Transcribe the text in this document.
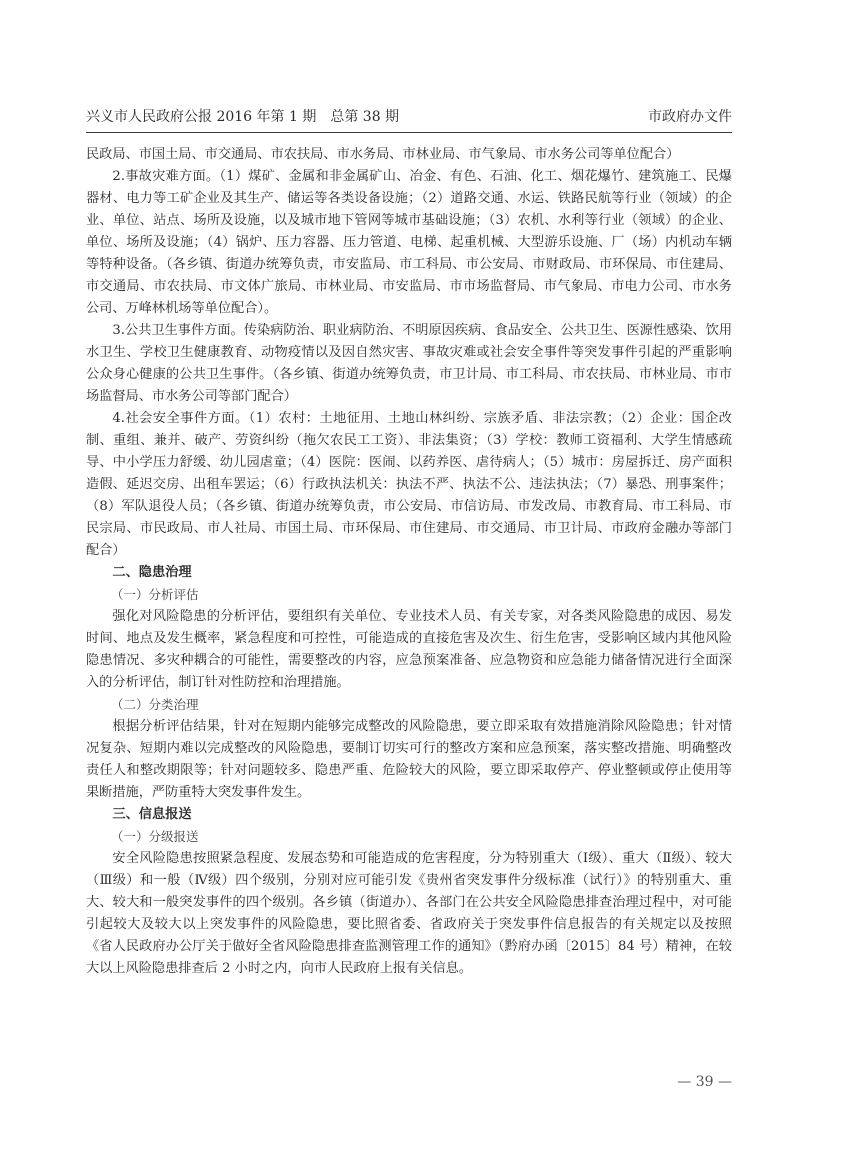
兴义市人民政府公报 2016 年第 1 期　总第 38 期	市政府办文件

民政局、市国土局、市交通局、市农扶局、市水务局、市林业局、市气象局、市水务公司等单位配合）

2.事故灾难方面。（1）煤矿、金属和非金属矿山、冶金、有色、石油、化工、烟花爆竹、建筑施工、民爆器材、电力等工矿企业及其生产、储运等各类设备设施；（2）道路交通、水运、铁路民航等行业（领域）的企业、单位、站点、场所及设施，以及城市地下管网等城市基础设施；（3）农机、水利等行业（领域）的企业、单位、场所及设施；（4）锅炉、压力容器、压力管道、电梯、起重机械、大型游乐设施、厂（场）内机动车辆等特种设备。（各乡镇、街道办统筹负责，市安监局、市工科局、市公安局、市财政局、市环保局、市住建局、市交通局、市农扶局、市文体广旅局、市林业局、市安监局、市市场监督局、市气象局、市电力公司、市水务公司、万峰林机场等单位配合）。

3.公共卫生事件方面。传染病防治、职业病防治、不明原因疾病、食品安全、公共卫生、医源性感染、饮用水卫生、学校卫生健康教育、动物疫情以及因自然灾害、事故灾难或社会安全事件等突发事件引起的严重影响公众身心健康的公共卫生事件。（各乡镇、街道办统筹负责，市卫计局、市工科局、市农扶局、市林业局、市市场监督局、市水务公司等部门配合）

4.社会安全事件方面。（1）农村：土地征用、土地山林纠纷、宗族矛盾、非法宗教；（2）企业：国企改制、重组、兼并、破产、劳资纠纷（拖欠农民工工资）、非法集资；（3）学校：教师工资福利、大学生情感疏导、中小学压力舒缓、幼儿园虐童；（4）医院：医闹、以药养医、虐待病人；（5）城市：房屋拆迁、房产面积造假、延迟交房、出租车罢运；（6）行政执法机关：执法不严、执法不公、违法执法；（7）暴恐、刑事案件；（8）军队退役人员；（各乡镇、街道办统筹负责，市公安局、市信访局、市发改局、市教育局、市工科局、市民宗局、市民政局、市人社局、市国土局、市环保局、市住建局、市交通局、市卫计局、市政府金融办等部门配合）

二、隐患治理
（一）分析评估

强化对风险隐患的分析评估，要组织有关单位、专业技术人员、有关专家，对各类风险隐患的成因、易发时间、地点及发生概率，紧急程度和可控性，可能造成的直接危害及次生、衍生危害，受影响区域内其他风险隐患情况、多灾种耦合的可能性，需要整改的内容，应急预案准备、应急物资和应急能力储备情况进行全面深入的分析评估，制订针对性防控和治理措施。

（二）分类治理

根据分析评估结果，针对在短期内能够完成整改的风险隐患，要立即采取有效措施消除风险隐患；针对情况复杂、短期内难以完成整改的风险隐患，要制订切实可行的整改方案和应急预案，落实整改措施、明确整改责任人和整改期限等；针对问题较多、隐患严重、危险较大的风险，要立即采取停产、停业整顿或停止使用等果断措施，严防重特大突发事件发生。

三、信息报送
（一）分级报送

安全风险隐患按照紧急程度、发展态势和可能造成的危害程度，分为特别重大（Ⅰ级）、重大（Ⅱ级）、较大（Ⅲ级）和一般（Ⅳ级）四个级别，分别对应可能引发《贵州省突发事件分级标准（试行）》的特别重大、重大、较大和一般突发事件的四个级别。各乡镇（街道办）、各部门在公共安全风险隐患排查治理过程中，对可能引起较大及较大以上突发事件的风险隐患，要比照省委、省政府关于突发事件信息报告的有关规定以及按照《省人民政府办公厅关于做好全省风险隐患排查监测管理工作的通知》（黔府办函〔2015〕84 号）精神，在较大以上风险隐患排查后 2 小时之内，向市人民政府上报有关信息。

— 39 —
